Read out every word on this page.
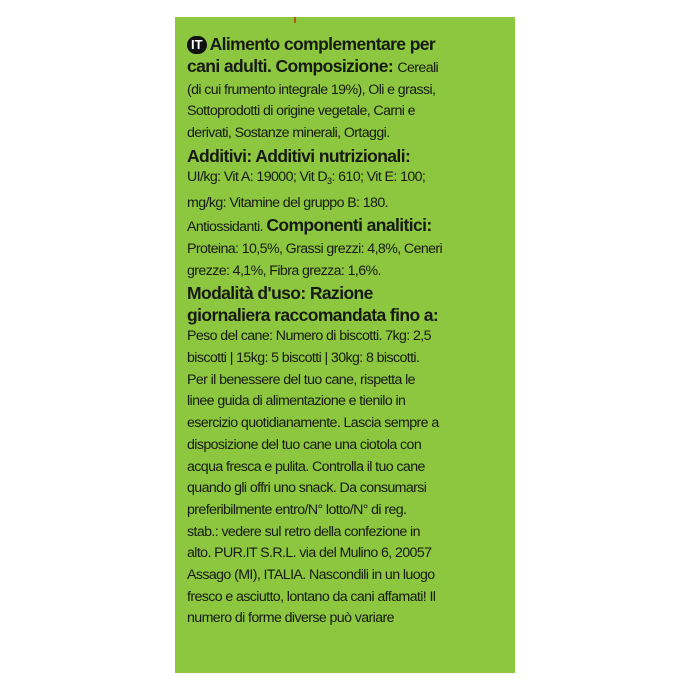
IT Alimento complementare per
cani adulti. Composizione: Cereali
(di cui frumento integrale 19%), Oli e grassi,
Sottoprodotti di origine vegetale, Carni e
derivati, Sostanze minerali, Ortaggi.
Additivi: Additivi nutrizionali:
UI/kg: Vit A: 19000; Vit $D_3$: 610; Vit E: 100;
mg/kg: Vitamine del gruppo B: 180.
Antiossidanti. Componenti analitici:
Proteina: 10,5%, Grassi grezzi: 4,8%, Ceneri
grezze: 4,1%, Fibra grezza: 1,6%.
Modalità d'uso: Razione
giornaliera raccomandata fino a:
Peso del cane: Numero di biscotti. 7kg: 2,5
biscotti | 15kg: 5 biscotti | 30kg: 8 biscotti.
Per il benessere del tuo cane, rispetta le
linee guida di alimentazione e tienilo in
esercizio quotidianamente. Lascia sempre a
disposizione del tuo cane una ciotola con
acqua fresca e pulita. Controlla il tuo cane
quando gli offri uno snack. Da consumarsi
preferibilmente entro/N° lotto/N° di reg.
stab.: vedere sul retro della confezione in
alto. PUR.IT S.R.L. via del Mulino 6, 20057
Assago (MI), ITALIA. Nascondili in un luogo
fresco e asciutto, lontano da cani affamati! Il
numero di forme diverse può variare
